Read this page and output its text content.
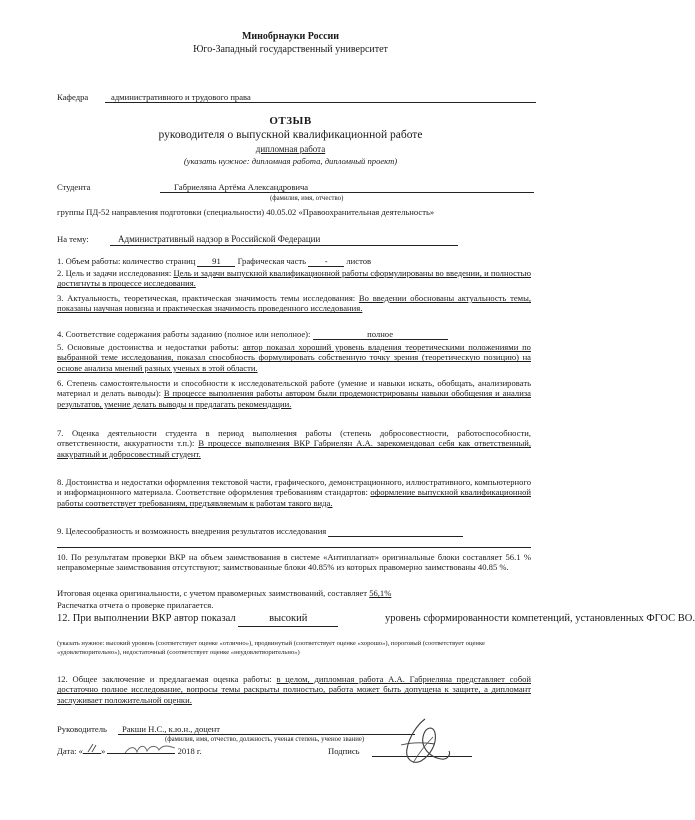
Минобрнауки России
Юго-Западный государственный университет
Кафедра	административного и трудового права
ОТЗЫВ
руководителя о выпускной квалификационной работе
дипломная работа
(указать нужное: дипломная работа, дипломный проект)
Студента	Габриелянa Артёма Александровича
(фамилия, имя, отчество)
группы ПД-52 направления подготовки (специальности) 40.05.02 «Правоохранительная деятельность»
На тему:	Административный надзор в Российской Федерации
1. Объем работы: количество страниц 91 Графическая часть - листов
2. Цель и задачи исследования: Цель и задачи выпускной квалификационной работы сформулированы во введении, и полностью достигнуты в процессе исследования.
3. Актуальность, теоретическая, практическая значимость темы исследования: Во введении обоснованы актуальность темы, показаны научная новизна и практическая значимость проведенного исследования.
4. Соответствие содержания работы заданию (полное или неполное):	полное
5. Основные достоинства и недостатки работы: автор показал хороший уровень владения теоретическими положениями по выбранной теме исследования, показал способность формулировать собственную точку зрения (теоретическую позицию) на основе анализа мнений разных ученых в этой области.
6. Степень самостоятельности и способности к исследовательской работе (умение и навыки искать, обобщать, анализировать материал и делать выводы): В процессе выполнения работы автором были продемонстрированы навыки обобщения и анализа результатов, умение делать выводы и предлагать рекомендации.
7. Оценка деятельности студента в период выполнения работы (степень добросовестности, работоспособности, ответственности, аккуратности т.п.): В процессе выполнения ВКР Габриелян А.А. зарекомендовал себя как ответственный, аккуратный и добросовестный студент.
8. Достоинства и недостатки оформления текстовой части, графического, демонстрационного, иллюстративного, компьютерного и информационного материала. Соответствие оформления требованиям стандартов: оформление выпускной квалификационной работы соответствует требованиям, предъявляемым к работам такого вида.
9. Целесообразность и возможность внедрения результатов исследования
10. По результатам проверки ВКР на объем заимствования в системе «Антиплагиат» оригинальные блоки составляет 56.1 % неправомерные заимствования отсутствуют; заимствованные блоки 40.85% из которых правомерно заимствованы 40.85 %.
Итоговая оценка оригинальности, с учетом правомерных заимствований, составляет 56,1%
Распечатка отчета о проверке прилагается.
12. При выполнении ВКР автор показал	высокий	уровень сформированности компетенций, установленных ФГОС ВО.
(указать нужное: высокий уровень (соответствует оценке «отлично»), продвинутый (соответствует оценке «хорошо»), пороговый (соответствует оценке «удовлетворительно»), недостаточный (соответствует оценке «неудовлетворительно»)
12. Общее заключение и предлагаемая оценка работы: в целом, дипломная работа А.А. Габриеляна представляет собой достаточно полное исследование, вопросы темы раскрыты полностью, работа может быть допущена к защите, а дипломант заслуживает положительной оценки.
Руководитель	Ракши Н.С., к.ю.н., доцент
(фамилия, имя, отчество, должность, ученая степень, ученое звание)
Дата: « »	2018 г.	Подпись
